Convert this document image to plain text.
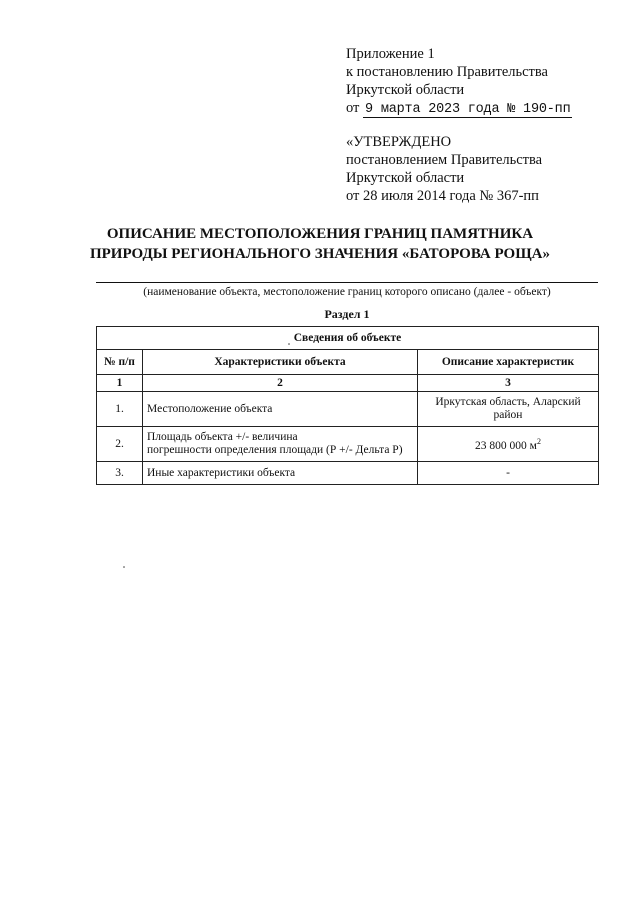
Приложение 1
к постановлению Правительства
Иркутской области
от 9 марта 2023 года № 190-пп
«УТВЕРЖДЕНО
постановлением Правительства
Иркутской области
от 28 июля 2014 года № 367-пп
ОПИСАНИЕ МЕСТОПОЛОЖЕНИЯ ГРАНИЦ ПАМЯТНИКА
ПРИРОДЫ РЕГИОНАЛЬНОГО ЗНАЧЕНИЯ «БАТОРОВА РОЩА»
(наименование объекта, местоположение границ которого описано (далее - объект)
Раздел 1
Сведения об объекте		
№ п/п	Характеристики объекта	Описание характеристик
1	2	3
1.	Местоположение объекта	Иркутская область, Аларский район
2.	Площадь объекта +/- величина
погрешности определения площади (Р +/- Дельта Р)	23 800 000 $м^2$
3.	Иные характеристики объекта	-
